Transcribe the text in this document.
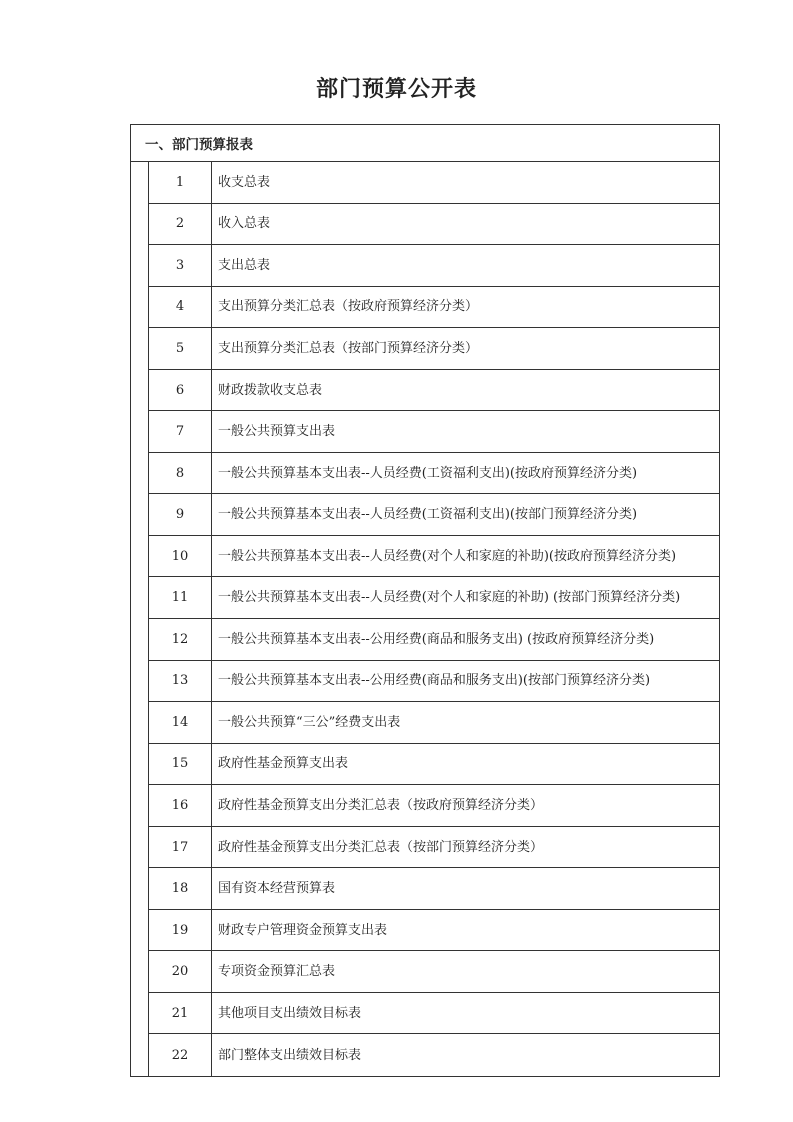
部门预算公开表
一、部门预算报表
1	收支总表
2	收入总表
3	支出总表
4	支出预算分类汇总表（按政府预算经济分类）
5	支出预算分类汇总表（按部门预算经济分类）
6	财政拨款收支总表
7	一般公共预算支出表
8	一般公共预算基本支出表--人员经费(工资福利支出)(按政府预算经济分类)
9	一般公共预算基本支出表--人员经费(工资福利支出)(按部门预算经济分类)
10	一般公共预算基本支出表--人员经费(对个人和家庭的补助)(按政府预算经济分类)
11	一般公共预算基本支出表--人员经费(对个人和家庭的补助) (按部门预算经济分类)
12	一般公共预算基本支出表--公用经费(商品和服务支出) (按政府预算经济分类)
13	一般公共预算基本支出表--公用经费(商品和服务支出)(按部门预算经济分类)
14	一般公共预算“三公”经费支出表
15	政府性基金预算支出表
16	政府性基金预算支出分类汇总表（按政府预算经济分类）
17	政府性基金预算支出分类汇总表（按部门预算经济分类）
18	国有资本经营预算表
19	财政专户管理资金预算支出表
20	专项资金预算汇总表
21	其他项目支出绩效目标表
22	部门整体支出绩效目标表
